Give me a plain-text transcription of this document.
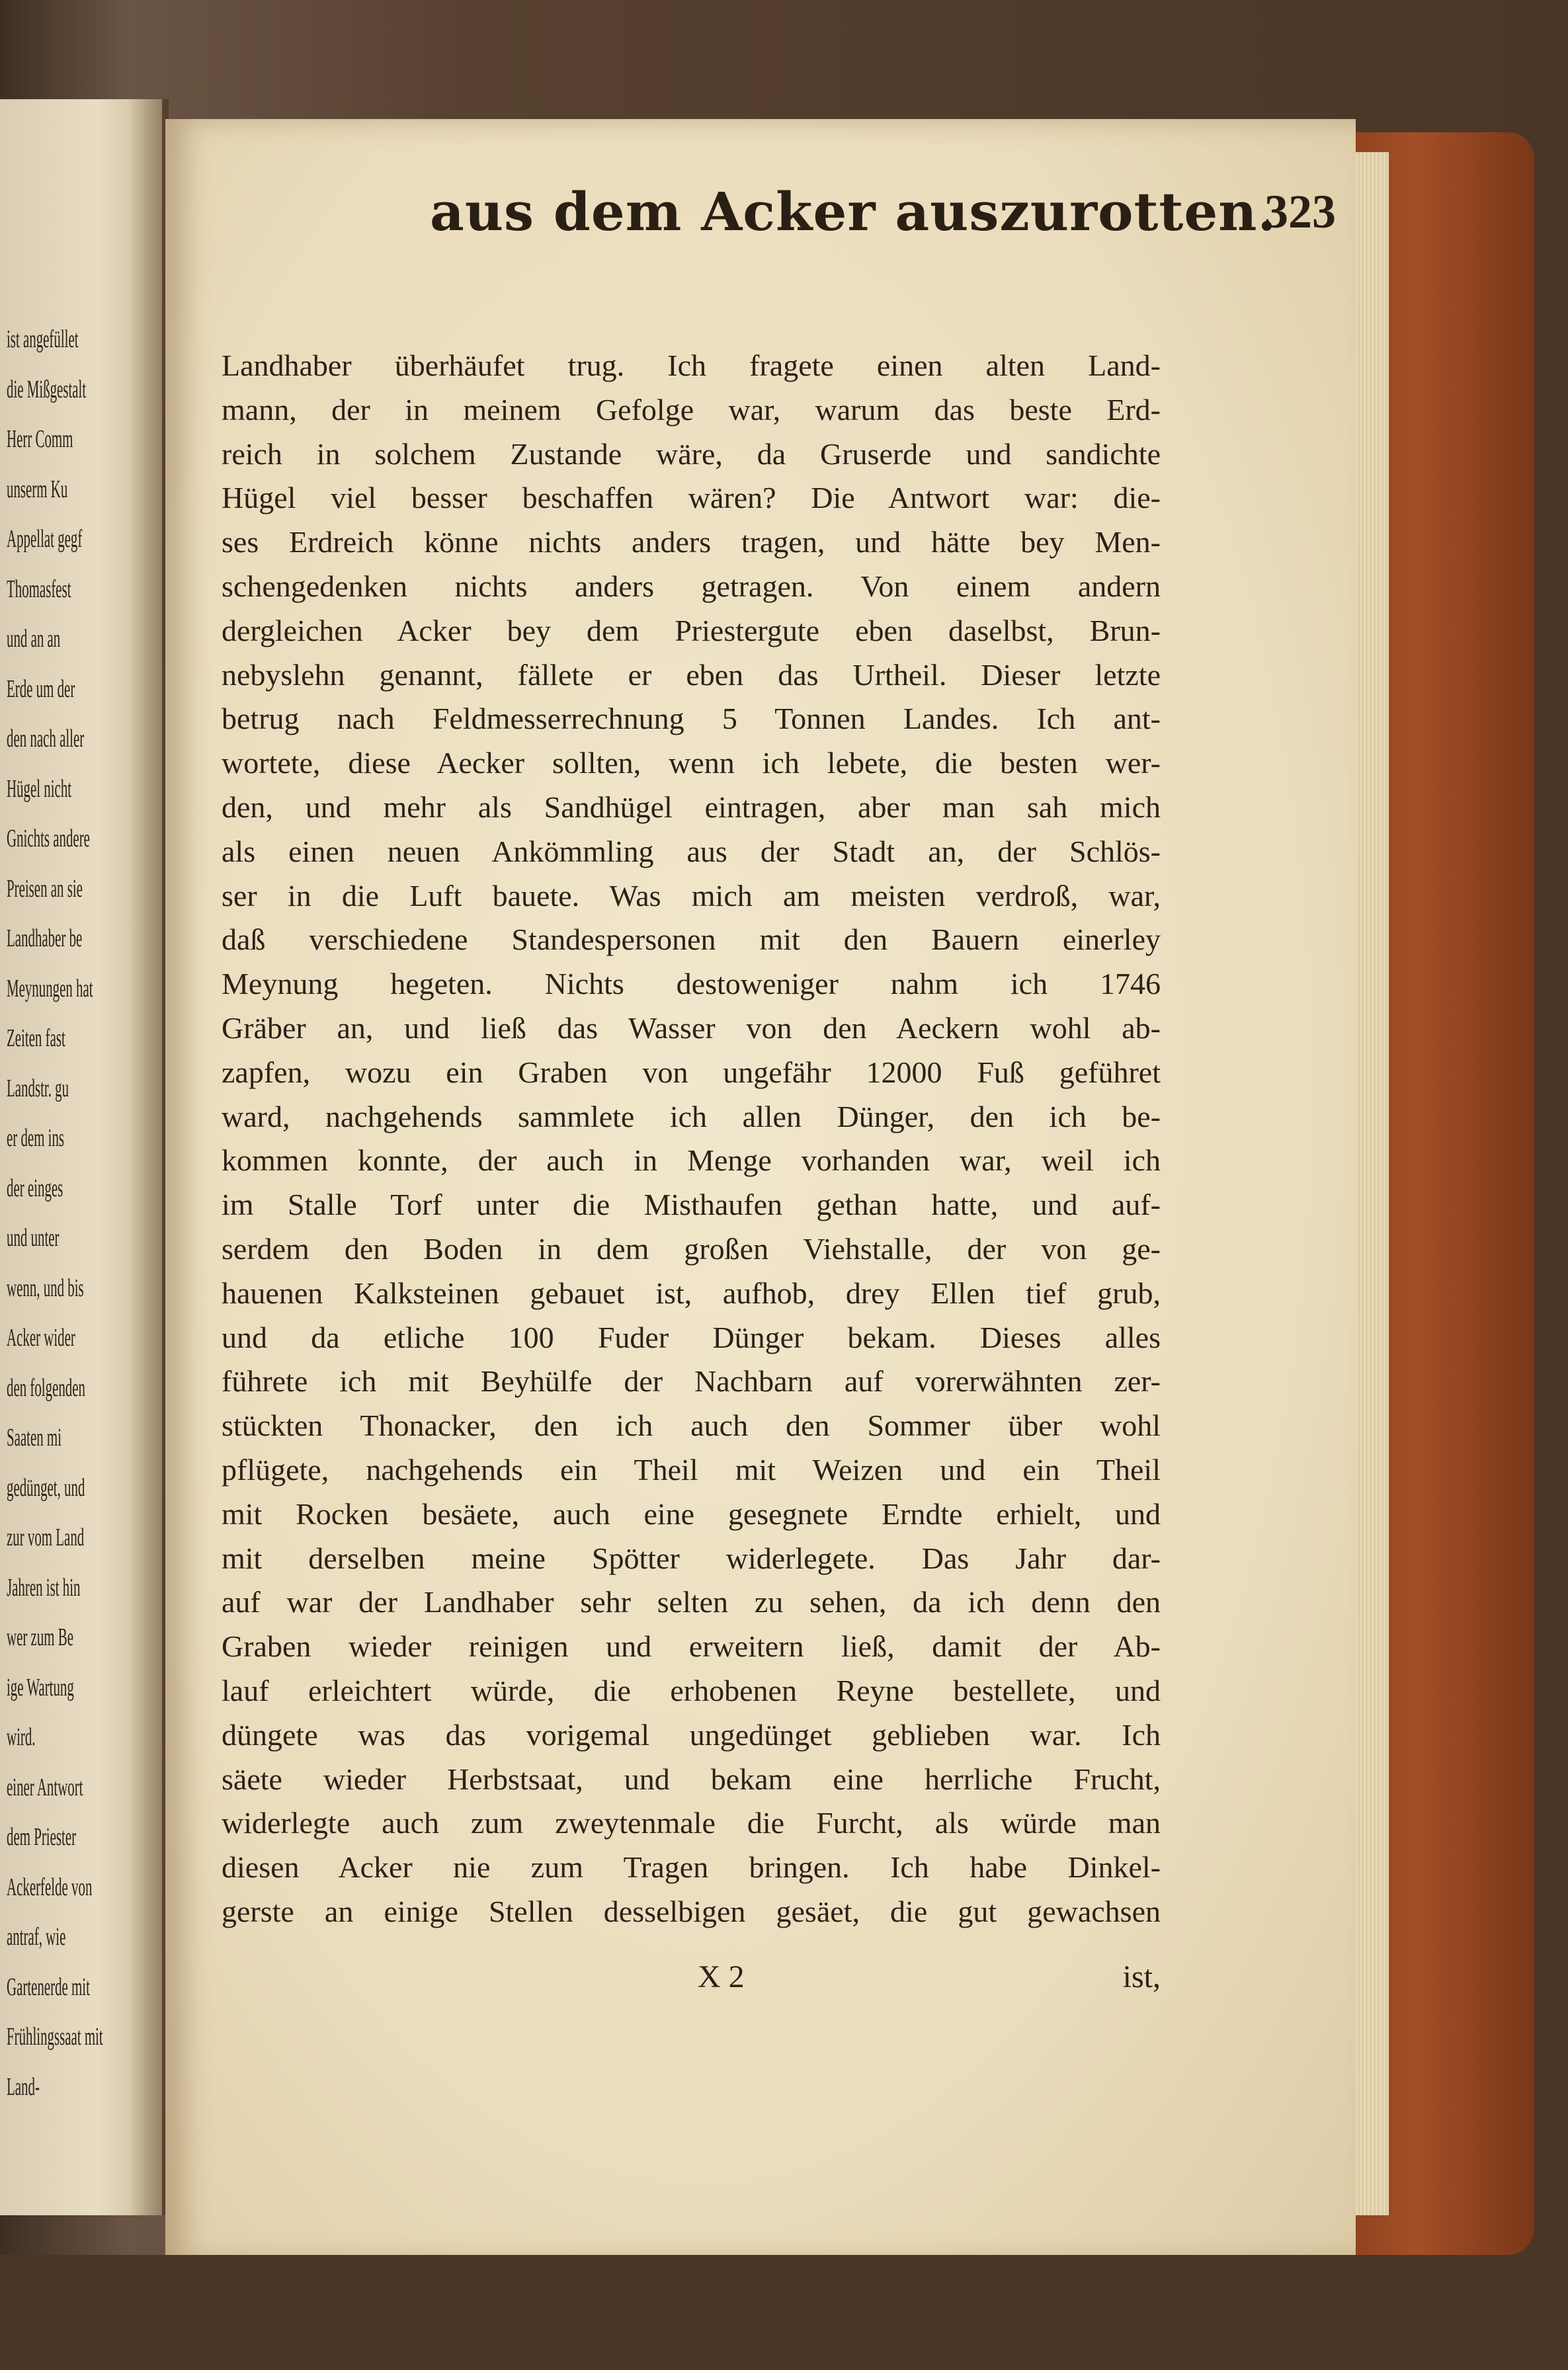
ist angefüllet
die Mißgestalt
Herr Comm
unserm Ku
Appellat gegf
Thomasfest
und an an
Erde um der
den nach aller
Hügel nicht
Gnichts andere
Preisen an sie
Landhaber be
Meynungen hat
Zeiten fast
Landstr. gu
er dem ins
der einges
und unter
wenn, und bis
Acker wider
den folgenden
Saaten mi
gedünget, und
zur vom Land
Jahren ist hin
wer zum Be
ige Wartung
wird.
einer Antwort
dem Priester
Ackerfelde von
antraf, wie
Gartenerde mit
Frühlingssaat mit
Land-
aus dem Acker auszurotten.
323
Landhaber überhäufet trug. Ich fragete einen alten Land-
mann, der in meinem Gefolge war, warum das beste Erd-
reich in solchem Zustande wäre, da Gruserde und sandichte
Hügel viel besser beschaffen wären? Die Antwort war: die-
ses Erdreich könne nichts anders tragen, und hätte bey Men-
schengedenken nichts anders getragen. Von einem andern
dergleichen Acker bey dem Priestergute eben daselbst, Brun-
nebyslehn genannt, fällete er eben das Urtheil. Dieser letzte
betrug nach Feldmesserrechnung 5 Tonnen Landes. Ich ant-
wortete, diese Aecker sollten, wenn ich lebete, die besten wer-
den, und mehr als Sandhügel eintragen, aber man sah mich
als einen neuen Ankömmling aus der Stadt an, der Schlös-
ser in die Luft bauete. Was mich am meisten verdroß, war,
daß verschiedene Standespersonen mit den Bauern einerley
Meynung hegeten. Nichts destoweniger nahm ich 1746
Gräber an, und ließ das Wasser von den Aeckern wohl ab-
zapfen, wozu ein Graben von ungefähr 12000 Fuß geführet
ward, nachgehends sammlete ich allen Dünger, den ich be-
kommen konnte, der auch in Menge vorhanden war, weil ich
im Stalle Torf unter die Misthaufen gethan hatte, und auf-
serdem den Boden in dem großen Viehstalle, der von ge-
hauenen Kalksteinen gebauet ist, aufhob, drey Ellen tief grub,
und da etliche 100 Fuder Dünger bekam. Dieses alles
führete ich mit Beyhülfe der Nachbarn auf vorerwähnten zer-
stückten Thonacker, den ich auch den Sommer über wohl
pflügete, nachgehends ein Theil mit Weizen und ein Theil
mit Rocken besäete, auch eine gesegnete Erndte erhielt, und
mit derselben meine Spötter widerlegete. Das Jahr dar-
auf war der Landhaber sehr selten zu sehen, da ich denn den
Graben wieder reinigen und erweitern ließ, damit der Ab-
lauf erleichtert würde, die erhobenen Reyne bestellete, und
düngete was das vorigemal ungedünget geblieben war. Ich
säete wieder Herbstsaat, und bekam eine herrliche Frucht,
widerlegte auch zum zweytenmale die Furcht, als würde man
diesen Acker nie zum Tragen bringen. Ich habe Dinkel-
gerste an einige Stellen desselbigen gesäet, die gut gewachsen
X 2	ist,
